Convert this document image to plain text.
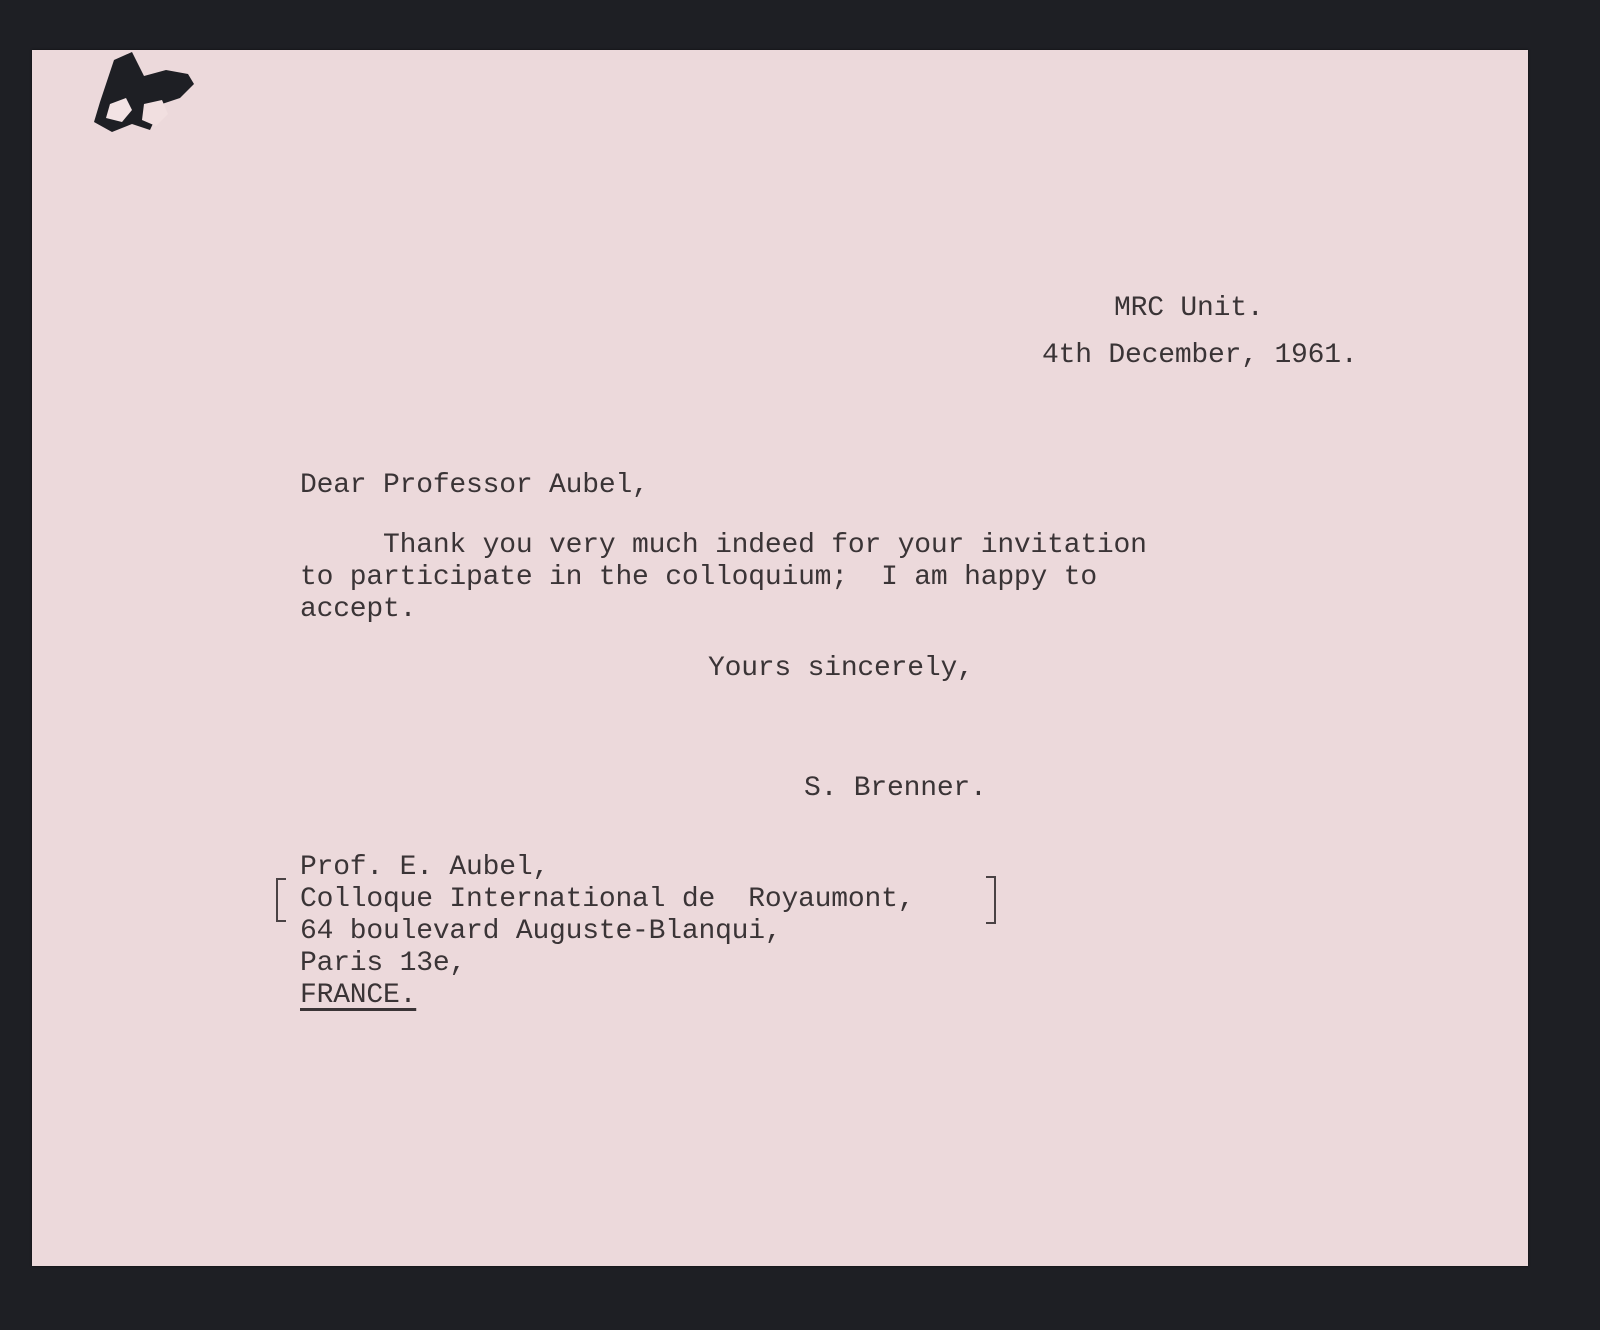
MRC Unit.
4th December, 1961.
Dear Professor Aubel,
Thank you very much indeed for your invitation
to participate in the colloquium;  I am happy to
accept.
Yours sincerely,
S. Brenner.
Prof. E. Aubel,
Colloque International de  Royaumont,
64 boulevard Auguste-Blanqui,
Paris 13e,
FRANCE.
